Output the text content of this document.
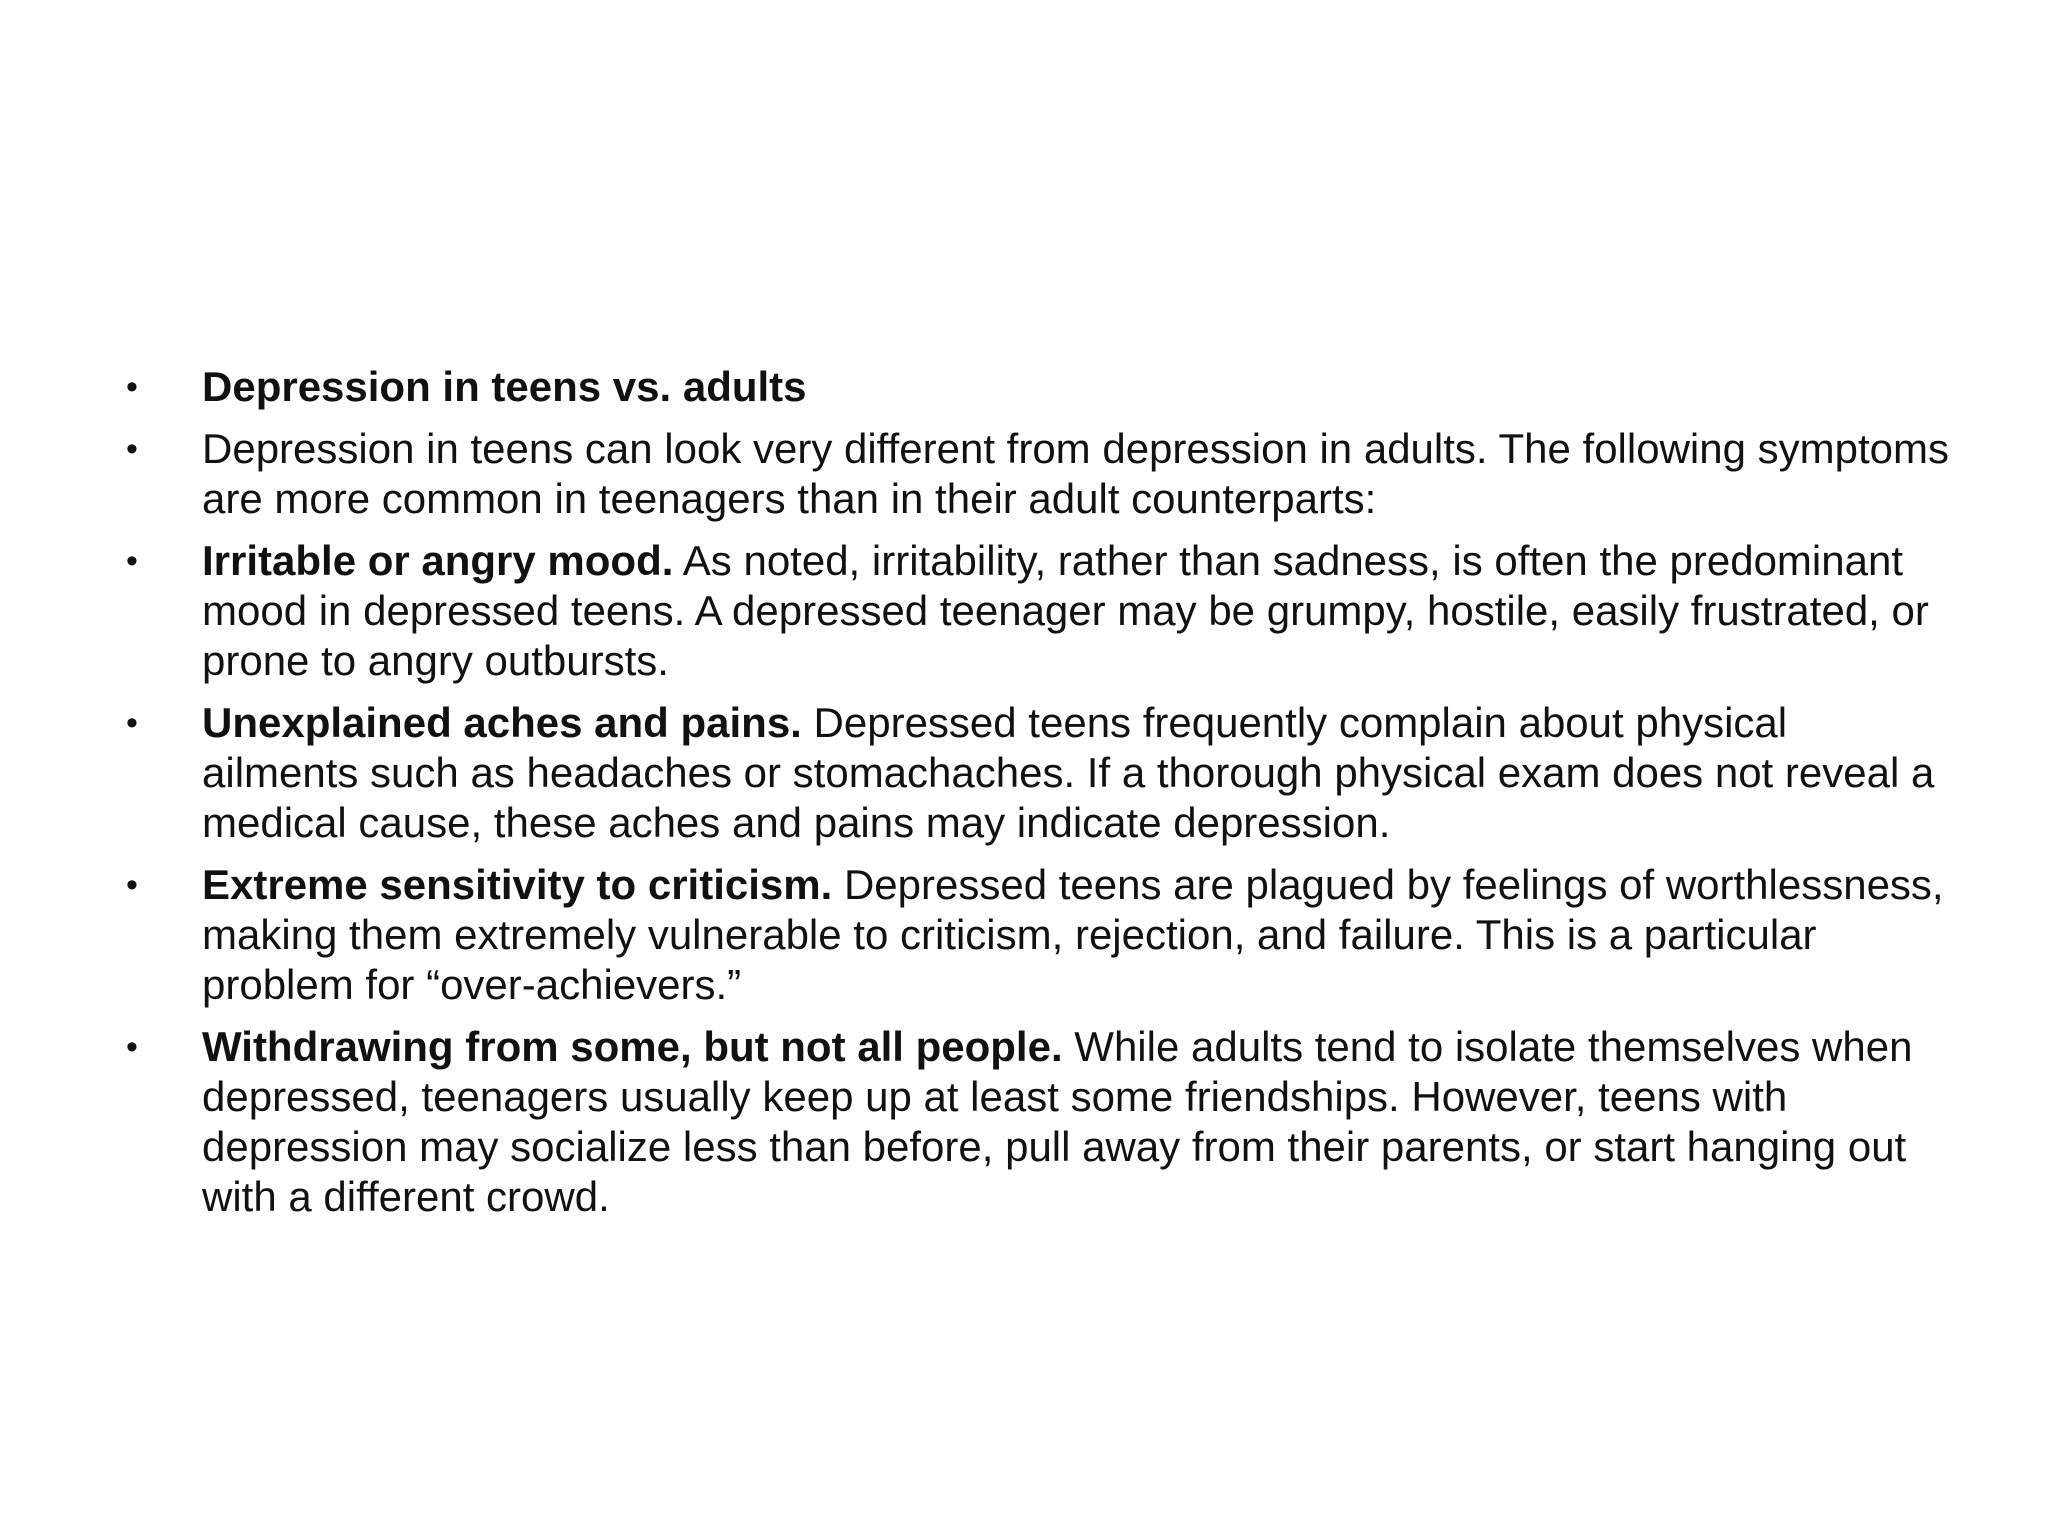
•	Depression in teens vs. adults
•	Depression in teens can look very different from depression in adults. The following symptoms are more common in teenagers than in their adult counterparts:
•	Irritable or angry mood. As noted, irritability, rather than sadness, is often the predominant mood in depressed teens. A depressed teenager may be grumpy, hostile, easily frustrated, or prone to angry outbursts.
•	Unexplained aches and pains. Depressed teens frequently complain about physical ailments such as headaches or stomachaches. If a thorough physical exam does not reveal a medical cause, these aches and pains may indicate depression.
•	Extreme sensitivity to criticism. Depressed teens are plagued by feelings of worthlessness, making them extremely vulnerable to criticism, rejection, and failure. This is a particular problem for “over-achievers.”
•	Withdrawing from some, but not all people. While adults tend to isolate themselves when depressed, teenagers usually keep up at least some friendships. However, teens with depression may socialize less than before, pull away from their parents, or start hanging out with a different crowd.
